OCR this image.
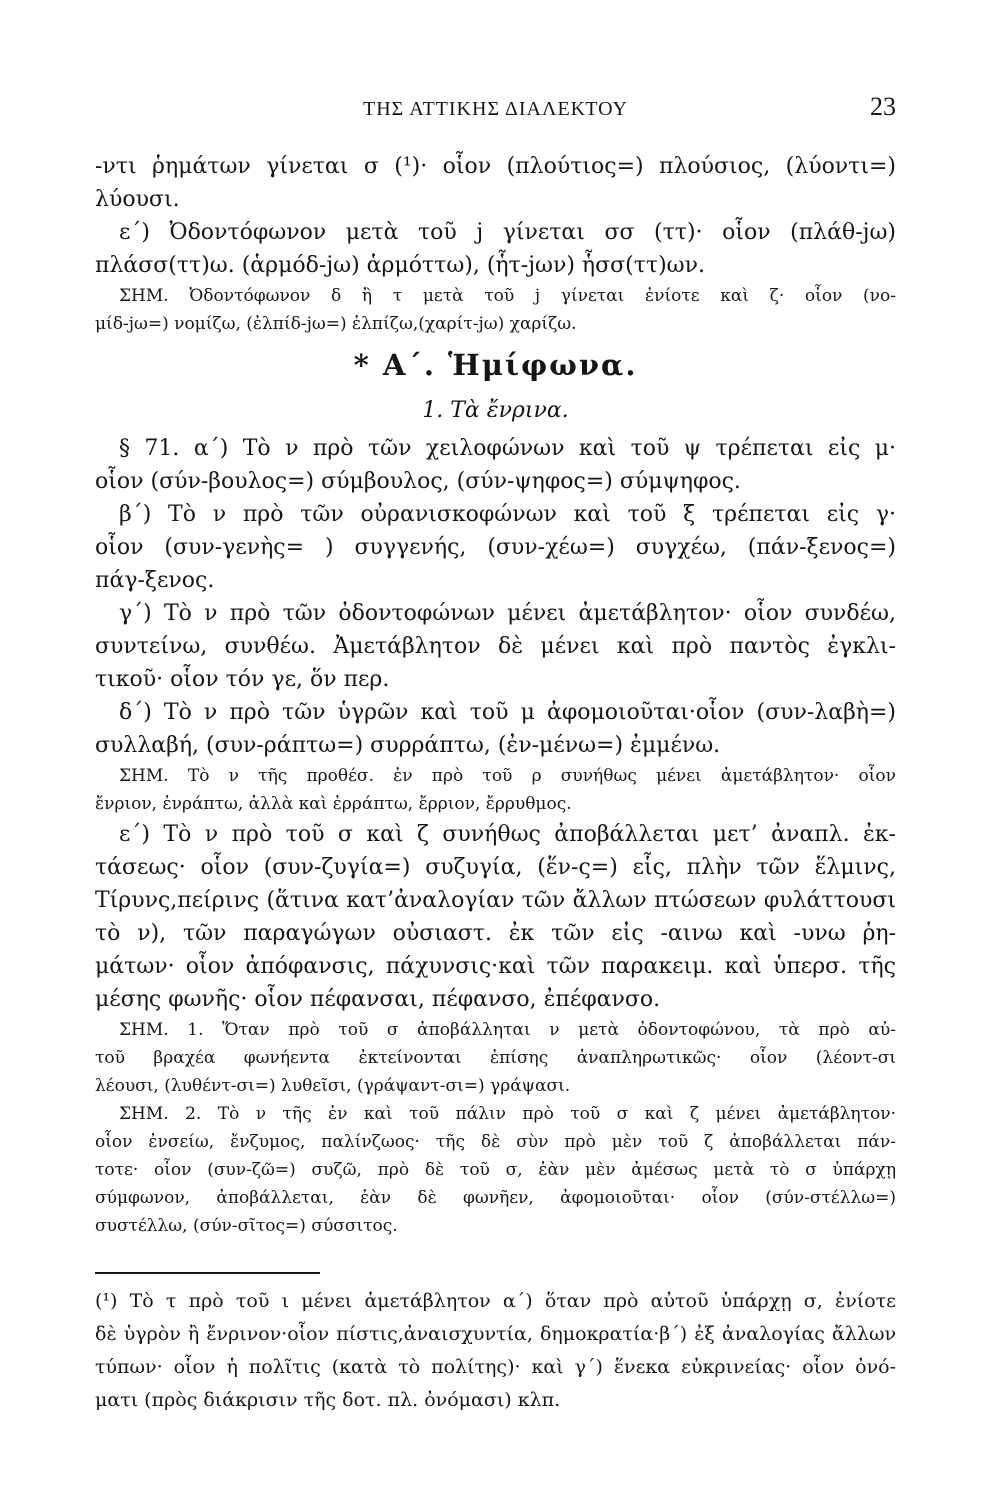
ΤΗΣ ΑΤΤΙΚΗΣ ΔΙΑΛΕΚΤΟΥ	23
-ντι ῥημάτων γίνεται σ (¹)· οἷον (πλούτιος=) πλούσιος, (λύοντι=)
λύουσι.
ε΄) Ὀδοντόφωνον μετὰ τοῦ j γίνεται σσ (ττ)· οἷον (πλάθ-jω)
πλάσσ(ττ)ω. (ἁρμόδ-jω) ἁρμόττω), (ἧτ-jων) ἧσσ(ττ)ων.
ΣΗΜ. Ὀδοντόφωνον δ ἢ τ μετὰ τοῦ j γίνεται ἐνίοτε καὶ ζ· οἷον (νο-
μίδ-jω=) νομίζω, (ἐλπίδ-jω=) ἐλπίζω,(χαρίτ-jω) χαρίζω.
* Α΄. Ἡμίφωνα.
1. Τὰ ἔνρινα.
§ 71. α΄) Τὸ ν πρὸ τῶν χειλοφώνων καὶ τοῦ ψ τρέπεται εἰς μ·
οἷον (σύν-βουλος=) σύμβουλος, (σύν-ψηφος=) σύμψηφος.
β΄) Τὸ ν πρὸ τῶν οὐρανισκοφώνων καὶ τοῦ ξ τρέπεται εἰς γ·
οἷον (συν-γενὴς= ) συγγενής, (συν-χέω=) συγχέω, (πάν-ξενος=)
πάγ-ξενος.
γ΄) Τὸ ν πρὸ τῶν ὀδοντοφώνων μένει ἀμετάβλητον· οἷον συνδέω,
συντείνω, συνθέω. Ἀμετάβλητον δὲ μένει καὶ πρὸ παντὸς ἐγκλι-
τικοῦ· οἷον τόν γε, ὅν περ.
δ΄) Τὸ ν πρὸ τῶν ὑγρῶν καὶ τοῦ μ ἀφομοιοῦται·οἷον (συν-λαβὴ=)
συλλαβή, (συν-ράπτω=) συρράπτω, (ἐν-μένω=) ἐμμένω.
ΣΗΜ. Τὸ ν τῆς προθέσ. ἐν πρὸ τοῦ ρ συνήθως μένει ἀμετάβλητον· οἷον
ἔνριον, ἐνράπτω, ἀλλὰ καὶ ἐρράπτω, ἔρριον, ἔρρυθμος.
ε΄) Τὸ ν πρὸ τοῦ σ καὶ ζ συνήθως ἀποβάλλεται μετ’ ἀναπλ. ἐκ-
τάσεως· οἷον (συν-ζυγία=) συζυγία, (ἕν-ς=) εἷς, πλὴν τῶν ἕλμινς,
Τίρυνς,πείρινς (ἅτινα κατ’ἀναλογίαν τῶν ἄλλων πτώσεων φυλάττουσι
τὸ ν), τῶν παραγώγων οὐσιαστ. ἐκ τῶν εἰς -αινω καὶ -υνω ῥη-
μάτων· οἷον ἀπόφανσις, πάχυνσις·καὶ τῶν παρακειμ. καὶ ὑπερσ. τῆς
μέσης φωνῆς· οἷον πέφανσαι, πέφανσο, ἐπέφανσο.
ΣΗΜ. 1. Ὅταν πρὸ τοῦ σ ἀποβάλληται ν μετὰ ὀδοντοφώνου, τὰ πρὸ αὐ-
τοῦ βραχέα φωνήεντα ἐκτείνονται ἐπίσης ἀναπληρωτικῶς· οἷον (λέοντ-σι
λέουσι, (λυθέντ-σι=) λυθεῖσι, (γράψαντ-σι=) γράψασι.
ΣΗΜ. 2. Τὸ ν τῆς ἐν καὶ τοῦ πάλιν πρὸ τοῦ σ καὶ ζ μένει ἀμετάβλητον·
οἷον ἐνσείω, ἔνζυμος, παλίνζωος· τῆς δὲ σὺν πρὸ μὲν τοῦ ζ ἀποβάλλεται πάν-
τοτε· οἷον (συν-ζῶ=) συζῶ, πρὸ δὲ τοῦ σ, ἐὰν μὲν ἀμέσως μετὰ τὸ σ ὑπάρχῃ
σύμφωνον, ἀποβάλλεται, ἐὰν δὲ φωνῆεν, ἀφομοιοῦται· οἷον (σύν-στέλλω=)
συστέλλω, (σύν-σῖτος=) σύσσιτος.
(¹) Τὸ τ πρὸ τοῦ ι μένει ἀμετάβλητον α΄) ὅταν πρὸ αὐτοῦ ὑπάρχῃ σ, ἐνίοτε
δὲ ὑγρὸν ἢ ἔνρινον·οἷον πίστις,ἀναισχυντία, δημοκρατία·β΄) ἐξ ἀναλογίας ἄλλων
τύπων· οἷον ἡ πολῖτις (κατὰ τὸ πολίτης)· καὶ γ΄) ἕνεκα εὐκρινείας· οἷον ὀνό-
ματι (πρὸς διάκρισιν τῆς δοτ. πλ. ὀνόμασι) κλπ.
